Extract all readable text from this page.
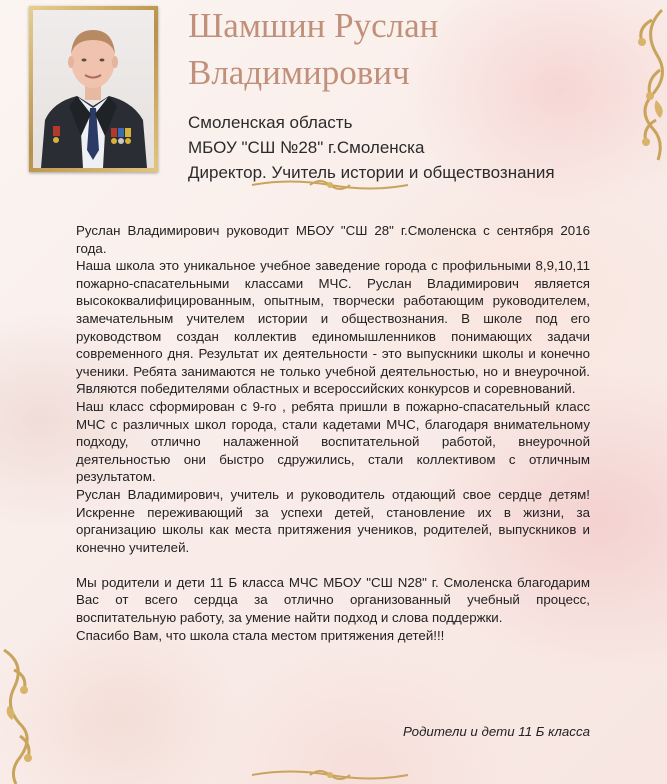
Шамшин Руслан
Владимирович
Смоленская область
МБОУ "СШ №28" г.Смоленска
Директор. Учитель истории и обществознания

Руслан Владимирович руководит МБОУ "СШ 28" г.Смоленска с сентября 2016 года.

Наша школа это уникальное учебное заведение города с профильными 8,9,10,11 пожарно-спасательными классами МЧС. Руслан Владимирович является высококвалифицированным, опытным, творчески работающим руководителем, замечательным учителем истории и обществознания. В школе под его руководством создан коллектив единомышленников понимающих задачи современного дня. Результат их деятельности - это выпускники школы и конечно ученики. Ребята занимаются не только учебной деятельностью, но и внеурочной. Являются победителями областных и всероссийских конкурсов и соревнований.

Наш класс сформирован с 9-го , ребята пришли в пожарно-спасательный класс МЧС с различных школ города, стали кадетами МЧС, благодаря внимательному подходу, отлично налаженной воспитательной работой, внеурочной деятельностью они быстро сдружились, стали коллективом с отличным результатом.

Руслан Владимирович, учитель и руководитель отдающий свое сердце детям! Искренне переживающий за успехи детей, становление их в жизни, за организацию школы как места притяжения учеников, родителей, выпускников и конечно учителей.

Мы родители и дети 11 Б класса МЧС МБОУ "СШ N28" г. Смоленска благодарим Вас от всего сердца за отлично организованный учебный процесс, воспитательную работу, за умение найти подход и слова поддержки.

Спасибо Вам, что школа стала местом притяжения детей!!!

Родители и дети 11 Б класса
